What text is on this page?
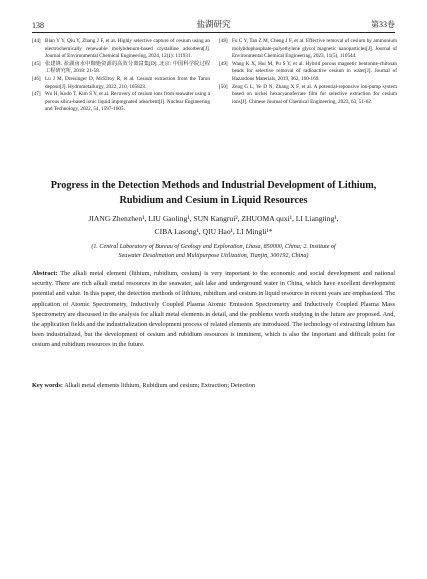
138	盐湖研究	第33卷
[44] Bian Y Y, Qiu Y, Zhang J F, et al. Highly selective capture of cesium using an electrochemically renewable molybdenum-based crystalline adsorbent[J]. Journal of Environmental Chemical Engineering, 2024, 12(1): 111931.
[45] 张建锋. 盐湖卤水中铷铯资源的高效分离富集[D]. 北京: 中国科学院过程工程研究所, 2018: 21-58.
[46] Lu J M, Dreisinger D, McElroy R, et al. Cesium extraction from the Taron deposit[J]. Hydrometallurgy, 2022, 210, 105823.
[47] Wu H, Kudo T, Kim S Y, et al. Recovery of cesium ions from seawater using a porous silica-based ionic liquid impregnated adsorbent[J]. Nuclear Engineering and Technology, 2022, 54, 1597-1605.
[48] Fu C Y, Tan Z M, Cheng J F, et al. Effective removal of cesium by ammonium molybdophosphate-polyethylene glycol magnetic nanoparticles[J]. Journal of Environmental Chemical Engineering, 2023, 11(5), 110544.
[49] Wang K X, Hui M, Pu S Y, et al. Hybrid porous magnetic bentonite-chitosan beads for selective removal of radioactive cesium in water[J]. Journal of Hazardous Materials, 2019, 362, 160-169.
[50] Zeng G L, Ye D N, Zhang X F, et al. A potential-reponsive ion-pump system based on nickel hexacyanoferrate film for selective extraction for cesium ions[J]. Chinese Journal of Chemical Engineering, 2023, 63, 51-62.
Progress in the Detection Methods and Industrial Development of Lithium,
Rubidium and Cesium in Liquid Resources
JIANG Zhenzhen¹, LIU Gaoling¹, SUN Kangrui², ZHUOMA quxi¹, LI Liangting¹,
CIBA Lasong¹, QIU Hao¹, LI Mingli¹*
(1. Central Laboratory of Bureau of Geology and Exploration, Lhasa, 850000, China; 2. Institute of
Seawater Desalination and Multipurpose Utilization, Tianjin, 300192, China)
Abstract: The alkali metal element (lithium, rubidium, cesium) is very important to the economic and social development and national security. There are rich alkali metal resources in the seawater, salt lake and underground water in China, which have excellent development potential and value. In this paper, the detection methods of lithium, rubidium and cesium in liquid resource in recent years are emphasized. The application of Atomic Spectrometry, Inductively Coupled Plasma Atomic Emission Spectrometry and Inductively Coupled Plasma Mass Spectrometry are discussed in the analysis for alkali metal elements in detail, and the problems worth studying in the future are proposed. And, the application fields and the industrialization development process of related elements are introduced. The technology of extracting lithium has been industrialized, but the development of cesium and rubidium resources is imminent, which is also the important and difficult point for cesium and rubidium resources in the future.
Key words: Alkali metal elements lithium, Rubidium and cesium; Extraction; Detection
